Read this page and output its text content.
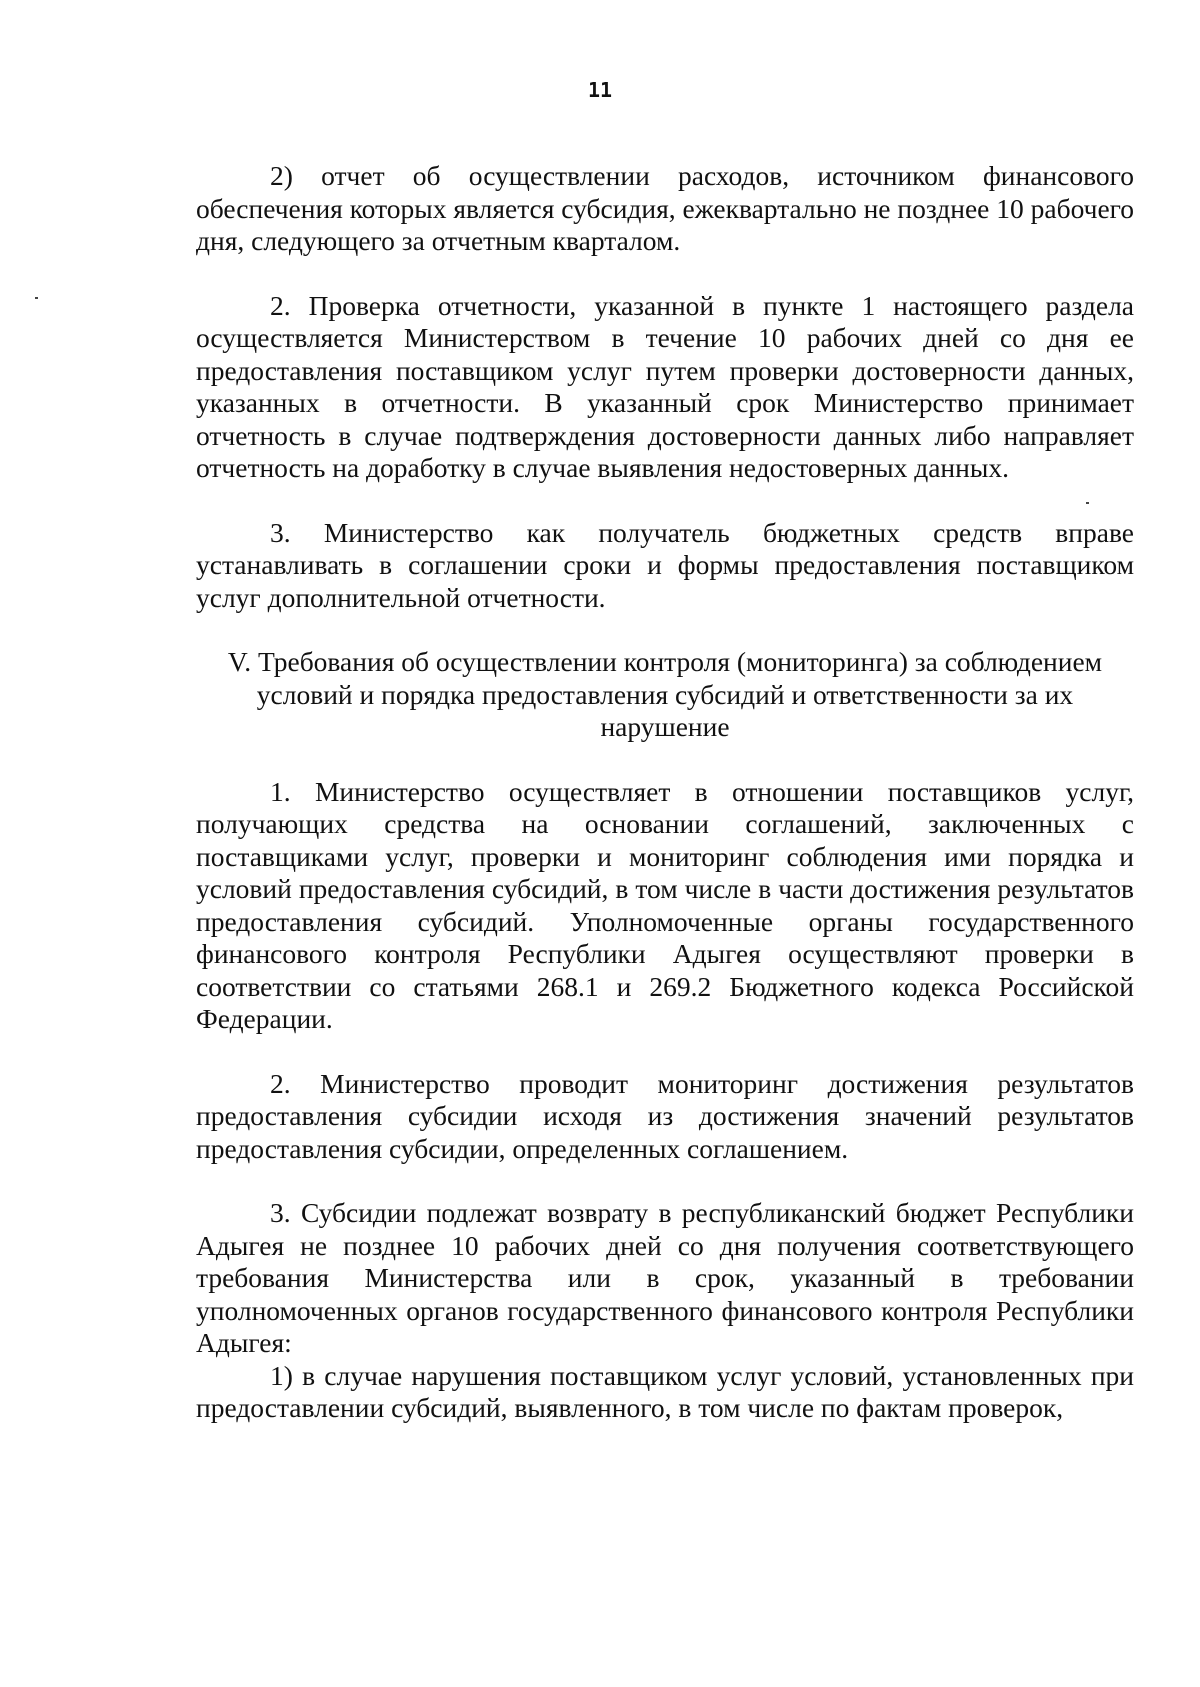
11

2) отчет об осуществлении расходов, источником финансового обеспечения которых является субсидия, ежеквартально не позднее 10 рабочего дня, следующего за отчетным кварталом.

2. Проверка отчетности, указанной в пункте 1 настоящего раздела осуществляется Министерством в течение 10 рабочих дней со дня ее предоставления поставщиком услуг путем проверки достоверности данных, указанных в отчетности. В указанный срок Министерство принимает отчетность в случае подтверждения достоверности данных либо направляет отчетность на доработку в случае выявления недостоверных данных.

3. Министерство как получатель бюджетных средств вправе устанавливать в соглашении сроки и формы предоставления поставщиком услуг дополнительной отчетности.

V. Требования об осуществлении контроля (мониторинга) за соблюдением
условий и порядка предоставления субсидий и ответственности за их
нарушение

1. Министерство осуществляет в отношении поставщиков услуг, получающих средства на основании соглашений, заключенных с поставщиками услуг, проверки и мониторинг соблюдения ими порядка и условий предоставления субсидий, в том числе в части достижения результатов предоставления субсидий. Уполномоченные органы государственного финансового контроля Республики Адыгея осуществляют проверки в соответствии со статьями 268.1 и 269.2 Бюджетного кодекса Российской Федерации.

2. Министерство проводит мониторинг достижения результатов предоставления субсидии исходя из достижения значений результатов предоставления субсидии, определенных соглашением.

3. Субсидии подлежат возврату в республиканский бюджет Республики Адыгея не позднее 10 рабочих дней со дня получения соответствующего требования Министерства или в срок, указанный в требовании уполномоченных органов государственного финансового контроля Республики Адыгея:

1) в случае нарушения поставщиком услуг условий, установленных при предоставлении субсидий, выявленного, в том числе по фактам проверок,
